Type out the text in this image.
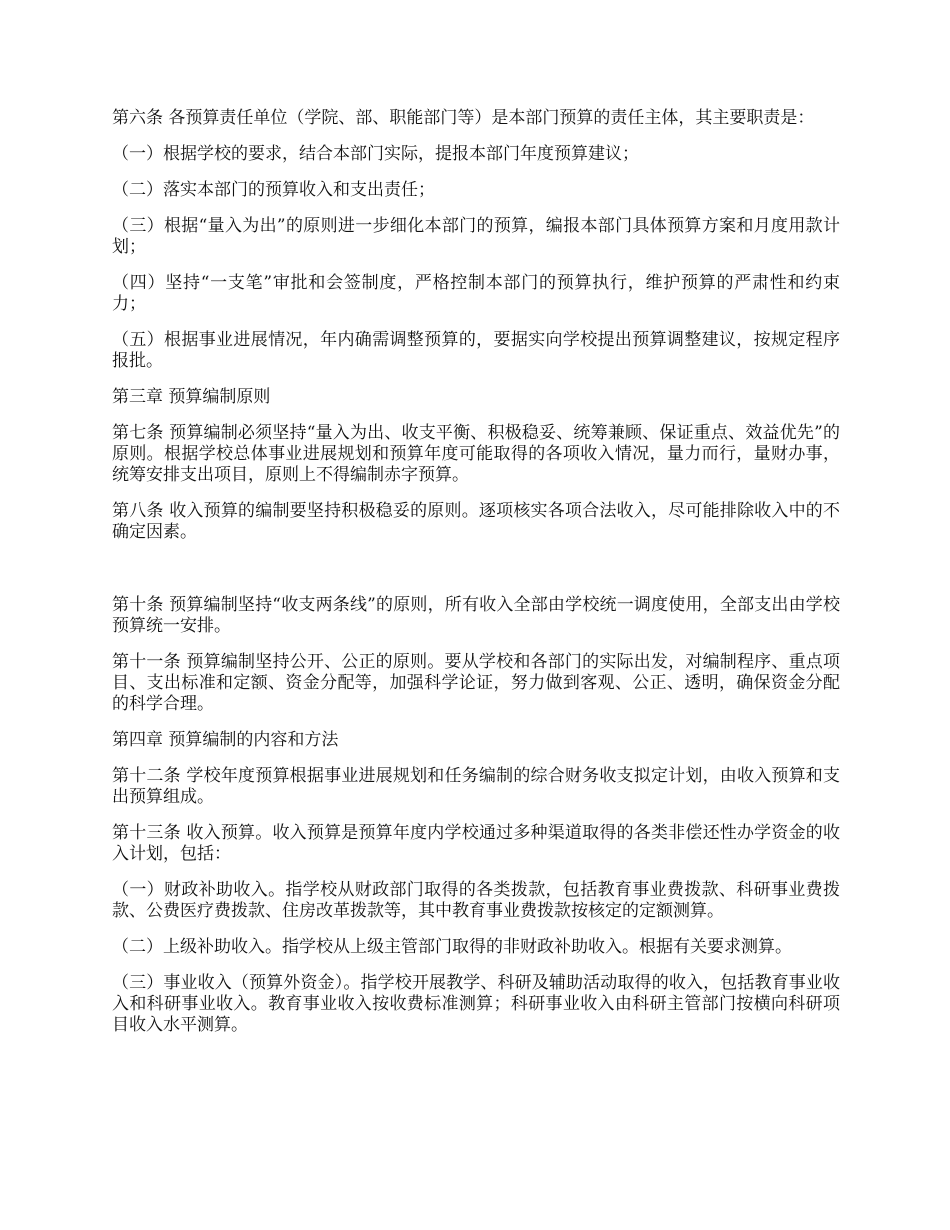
第六条 各预算责任单位（学院、部、职能部门等）是本部门预算的责任主体，其主要职责是：

（一）根据学校的要求，结合本部门实际，提报本部门年度预算建议；

（二）落实本部门的预算收入和支出责任；

（三）根据“量入为出”的原则进一步细化本部门的预算，编报本部门具体预算方案和月度用款计划；

（四）坚持“一支笔”审批和会签制度，严格控制本部门的预算执行，维护预算的严肃性和约束力；

（五）根据事业进展情况，年内确需调整预算的，要据实向学校提出预算调整建议，按规定程序报批。

第三章 预算编制原则

第七条 预算编制必须坚持“量入为出、收支平衡、积极稳妥、统筹兼顾、保证重点、效益优先”的原则。根据学校总体事业进展规划和预算年度可能取得的各项收入情况，量力而行，量财办事，统筹安排支出项目，原则上不得编制赤字预算。

第八条 收入预算的编制要坚持积极稳妥的原则。逐项核实各项合法收入，尽可能排除收入中的不确定因素。

第十条 预算编制坚持“收支两条线”的原则，所有收入全部由学校统一调度使用，全部支出由学校预算统一安排。

第十一条 预算编制坚持公开、公正的原则。要从学校和各部门的实际出发，对编制程序、重点项目、支出标准和定额、资金分配等，加强科学论证，努力做到客观、公正、透明，确保资金分配的科学合理。

第四章 预算编制的内容和方法

第十二条 学校年度预算根据事业进展规划和任务编制的综合财务收支拟定计划，由收入预算和支出预算组成。

第十三条 收入预算。收入预算是预算年度内学校通过多种渠道取得的各类非偿还性办学资金的收入计划，包括：

（一）财政补助收入。指学校从财政部门取得的各类拨款，包括教育事业费拨款、科研事业费拨款、公费医疗费拨款、住房改革拨款等，其中教育事业费拨款按核定的定额测算。

（二）上级补助收入。指学校从上级主管部门取得的非财政补助收入。根据有关要求测算。

（三）事业收入（预算外资金）。指学校开展教学、科研及辅助活动取得的收入，包括教育事业收入和科研事业收入。教育事业收入按收费标准测算；科研事业收入由科研主管部门按横向科研项目收入水平测算。
